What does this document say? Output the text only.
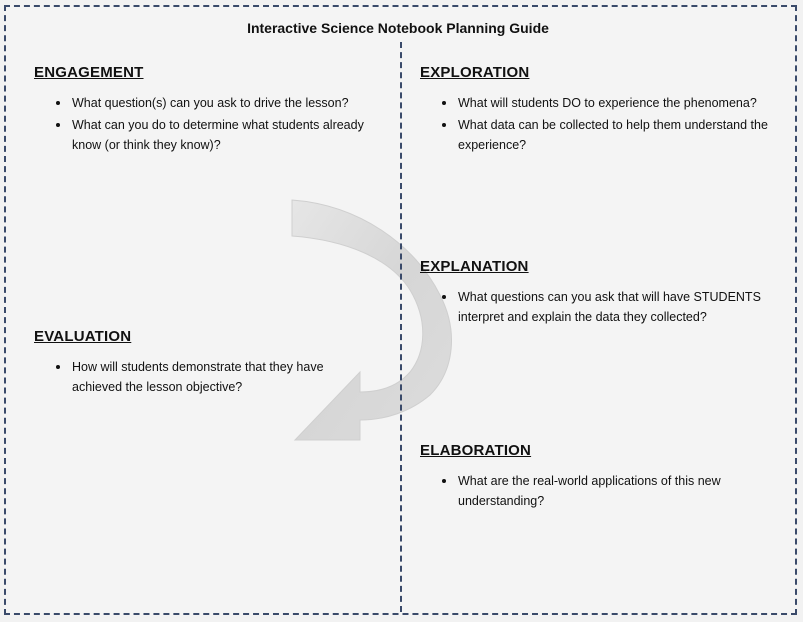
Interactive Science Notebook Planning Guide
ENGAGEMENT
What question(s) can you ask to drive the lesson?
What can you do to determine what students already know (or think they know)?
EXPLORATION
What will students DO to experience the phenomena?
What data can be collected to help them understand the experience?
EXPLANATION
What questions can you ask that will have STUDENTS interpret and explain the data they collected?
EVALUATION
How will students demonstrate that they have achieved the lesson objective?
ELABORATION
What are the real-world applications of this new understanding?
